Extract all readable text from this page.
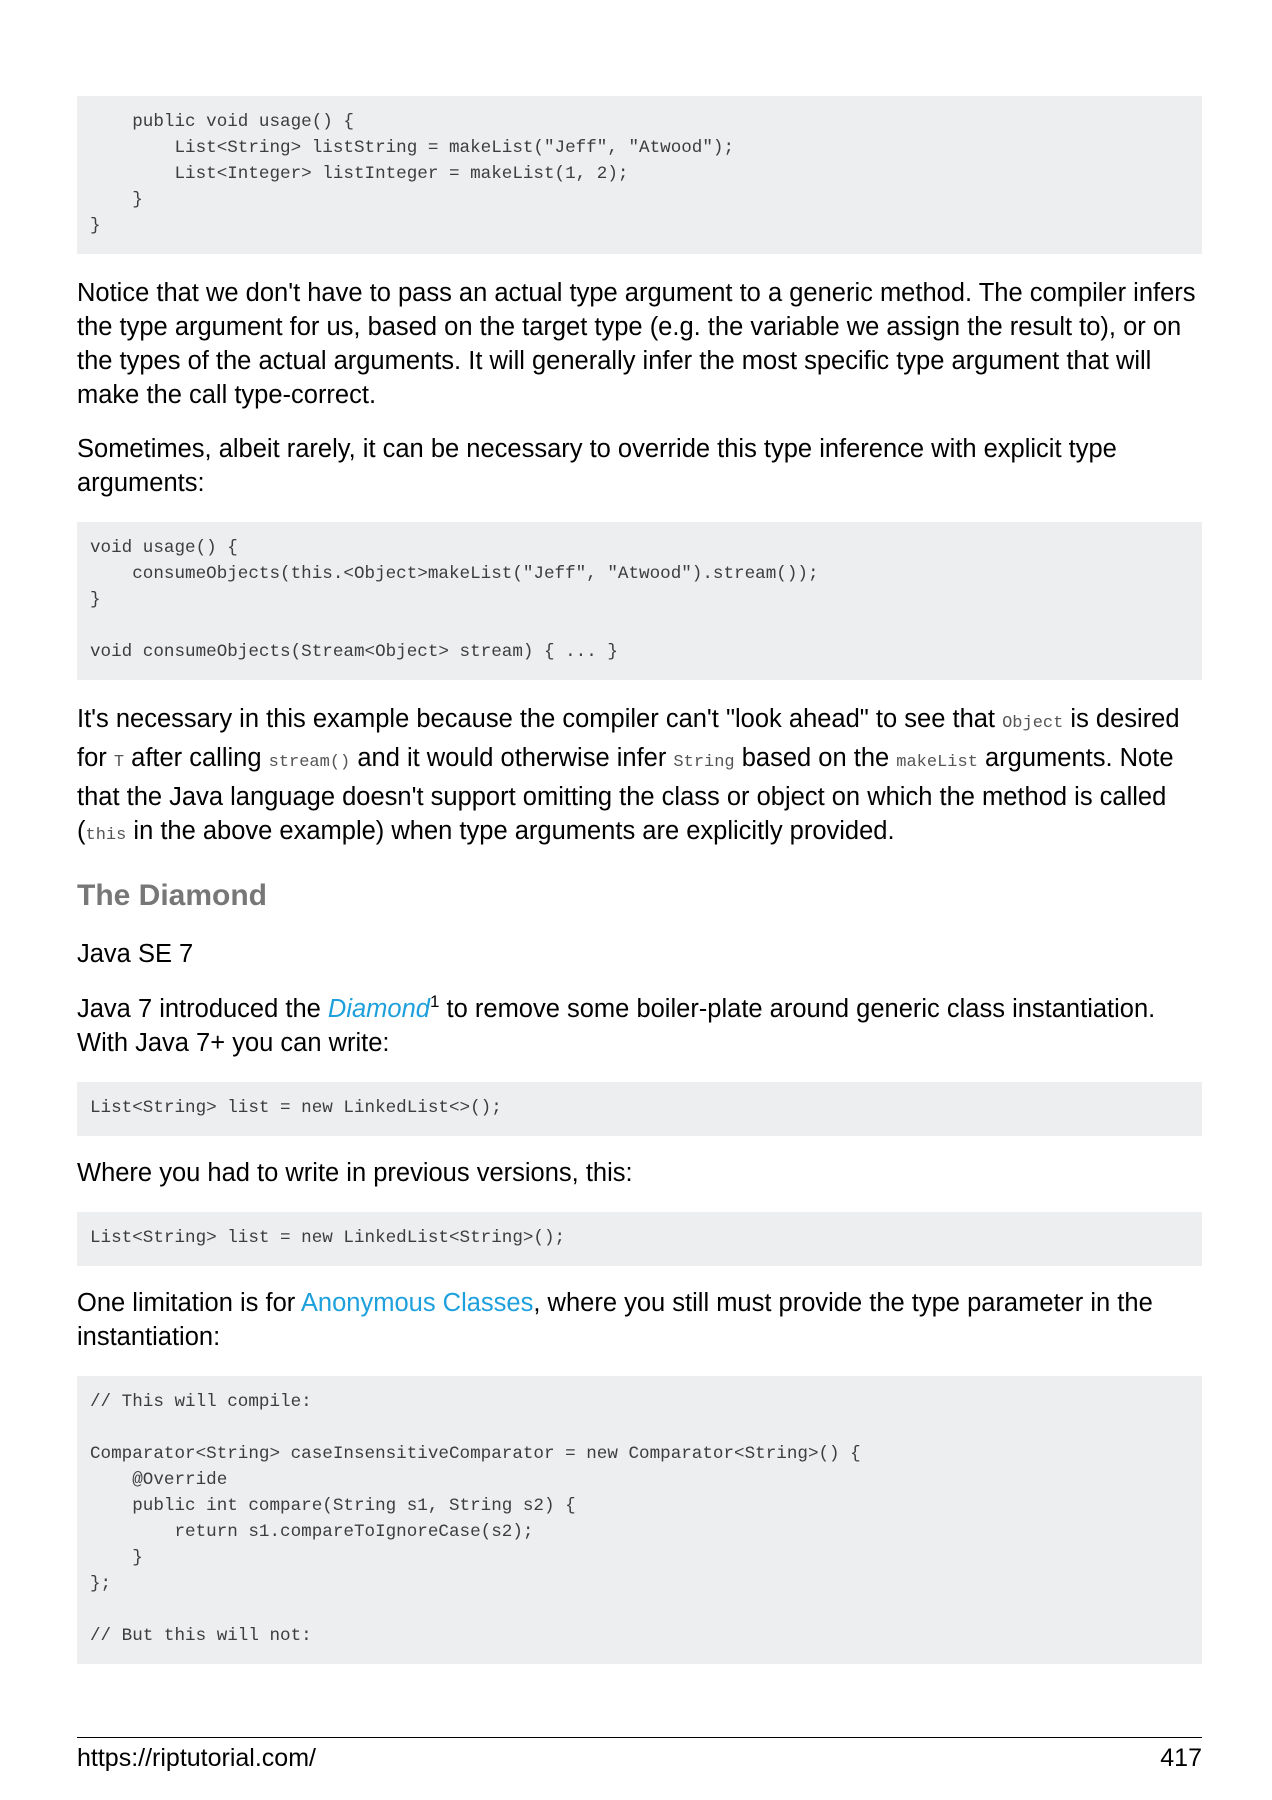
public void usage() {
List<String> listString = makeList("Jeff", "Atwood");
List<Integer> listInteger = makeList(1, 2);
}
}

Notice that we don't have to pass an actual type argument to a generic method. The compiler infers the type argument for us, based on the target type (e.g. the variable we assign the result to), or on the types of the actual arguments. It will generally infer the most specific type argument that will make the call type-correct.

Sometimes, albeit rarely, it can be necessary to override this type inference with explicit type arguments:

void usage() {
consumeObjects(this.<Object>makeList("Jeff", "Atwood").stream());
}

void consumeObjects(Stream<Object> stream) { ... }

It's necessary in this example because the compiler can't "look ahead" to see that Object is desired for T after calling stream() and it would otherwise infer String based on the makeList arguments. Note that the Java language doesn't support omitting the class or object on which the method is called (this in the above example) when type arguments are explicitly provided.

The Diamond

Java SE 7

Java 7 introduced the Diamond$^1$ to remove some boiler-plate around generic class instantiation. With Java 7+ you can write:

List<String> list = new LinkedList<>();

Where you had to write in previous versions, this:

List<String> list = new LinkedList<String>();

One limitation is for Anonymous Classes, where you still must provide the type parameter in the instantiation:

// This will compile:

Comparator<String> caseInsensitiveComparator = new Comparator<String>() {
@Override
public int compare(String s1, String s2) {
return s1.compareToIgnoreCase(s2);
}
};

// But this will not:
https://riptutorial.com/	417
